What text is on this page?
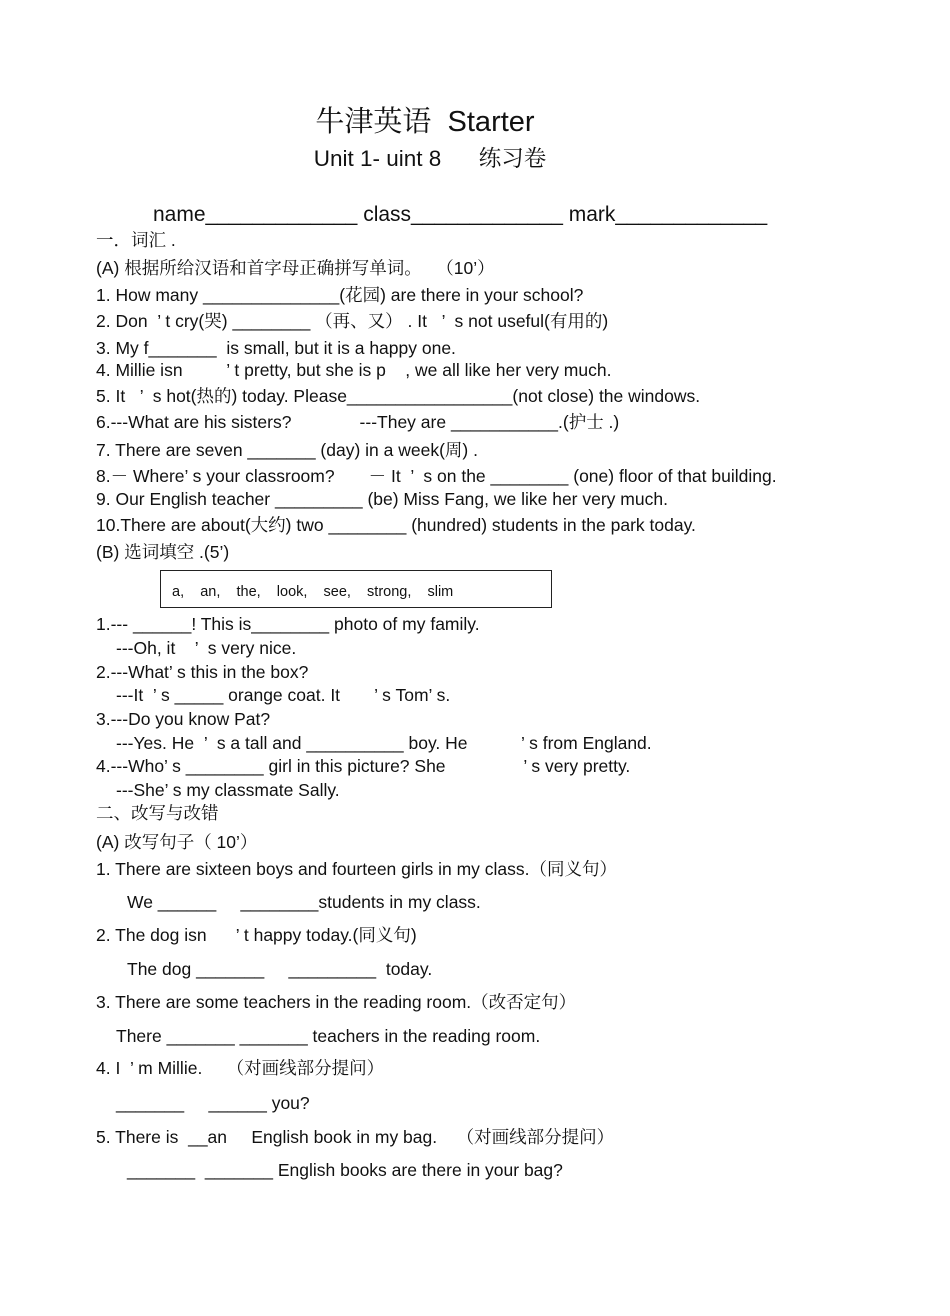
牛津英语  Starter
Unit 1- uint 8      练习卷
name_____________ class_____________ mark_____________
一．词汇 .
(A) 根据所给汉语和首字母正确拼写单词。   （10’）
1. How many ______________(花园) are there in your school?
2. Don  ’ t cry(哭) ________ （再、又） . It   ’  s not useful(有用的)
3. My f_______  is small, but it is a happy one.
4. Millie isn         ’ t pretty, but she is p    , we all like her very much.
5. It   ’  s hot(热的) today. Please_________________(not close) the windows.
6.---What are his sisters?              ---They are ___________.(护士 .)
7. There are seven _______ (day) in a week(周) .
8.－ Where’ s your classroom?       － It  ’  s on the ________ (one) floor of that building.
9. Our English teacher _________ (be) Miss Fang, we like her very much.
10.There are about(大约) two ________ (hundred) students in the park today.
(B) 选词填空 .(5’)
1.--- ______! This is________ photo of my family.
---Oh, it    ’  s very nice.
2.---What’ s this in the box?
---It  ’ s _____ orange coat. It       ’ s Tom’ s.
3.---Do you know Pat?
---Yes. He  ’  s a tall and __________ boy. He           ’ s from England.
4.---Who’ s ________ girl in this picture? She                ’ s very pretty.
---She’ s my classmate Sally.
二、改写与改错
(A) 改写句子（ 10’）
1. There are sixteen boys and fourteen girls in my class.（同义句）
We ______     ________students in my class.
2. The dog isn      ’ t happy today.(同义句)
The dog _______     _________  today.
3. There are some teachers in the reading room.（改否定句）
There _______ _______ teachers in the reading room.
4. I  ’ m Millie.     （对画线部分提问）
_______     ______ you?
5. There is  __an     English book in my bag.    （对画线部分提问）
_______  _______ English books are there in your bag?
a,    an,    the,    look,    see,    strong,    slim
